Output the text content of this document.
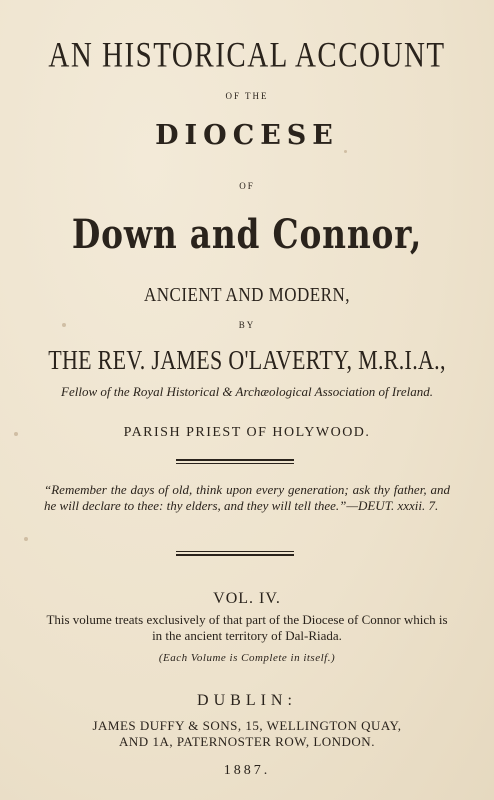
AN HISTORICAL ACCOUNT
OF THE
DIOCESE
OF
Down and Connor,
ANCIENT AND MODERN,
BY
THE REV. JAMES O'LAVERTY, M.R.I.A.,
Fellow of the Royal Historical & Archæological Association of Ireland.
PARISH PRIEST OF HOLYWOOD.
“Remember the days of old, think upon every generation; ask thy father, and he will declare to thee: thy elders, and they will tell thee.”—DEUT. xxxii. 7.
VOL. IV.
This volume treats exclusively of that part of the Diocese of Connor which is in the ancient territory of Dal-Riada.
(Each Volume is Complete in itself.)
DUBLIN:
JAMES DUFFY & SONS, 15, WELLINGTON QUAY,
AND 1A, PATERNOSTER ROW, LONDON.
1887.
